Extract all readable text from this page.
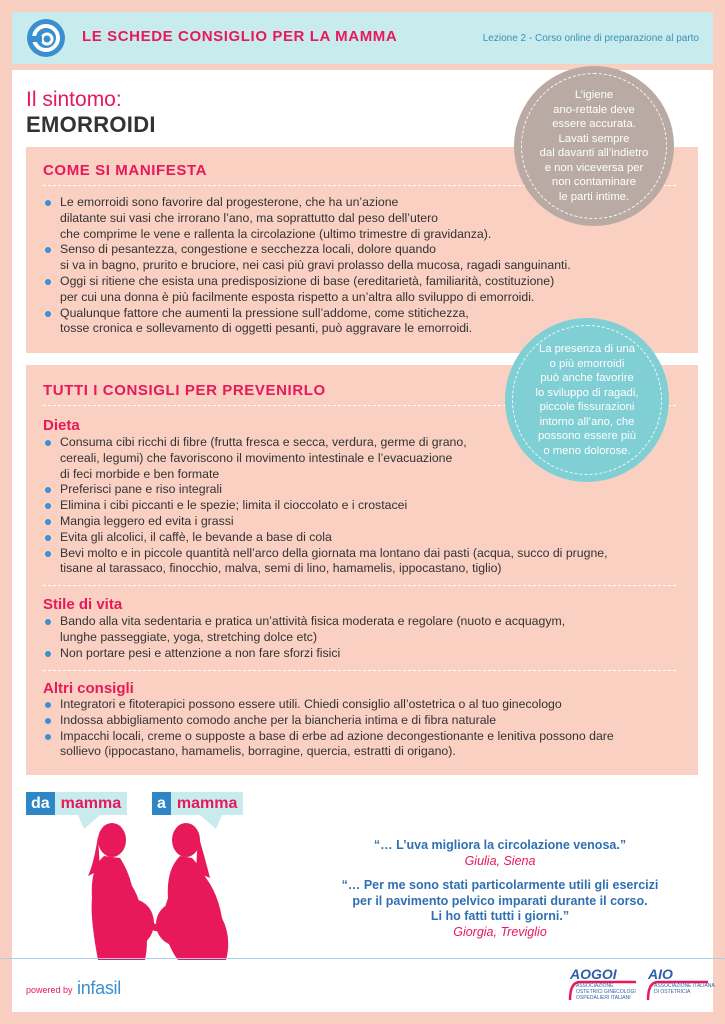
LE SCHEDE CONSIGLIO PER LA MAMMA	Lezione 2 - Corso online di preparazione al parto
Il sintomo:
EMORROIDI
COME SI MANIFESTA
Le emorroidi sono favorire dal progesterone, che ha un’azione
dilatante sui vasi che irrorano l’ano, ma soprattutto dal peso dell’utero
che comprime le vene e rallenta la circolazione (ultimo trimestre di gravidanza).
Senso di pesantezza, congestione e secchezza locali, dolore quando
si va in bagno, prurito e bruciore, nei casi più gravi prolasso della mucosa, ragadi sanguinanti.
Oggi si ritiene che esista una predisposizione di base (ereditarietà, familiarità, costituzione)
per cui una donna è più facilmente esposta rispetto a un’altra allo sviluppo di emorroidi.
Qualunque fattore che aumenti la pressione sull’addome, come stitichezza,
tosse cronica e sollevamento di oggetti pesanti, può aggravare le emorroidi.
TUTTI I CONSIGLI PER PREVENIRLO
Dieta
Consuma cibi ricchi di fibre (frutta fresca e secca, verdura, germe di grano,
cereali, legumi) che favoriscono il movimento intestinale e l’evacuazione
di feci morbide e ben formate
Preferisci pane e riso integrali
Elimina i cibi piccanti e le spezie; limita il cioccolato e i crostacei
Mangia leggero ed evita i grassi
Evita gli alcolici, il caffè, le bevande a base di cola
Bevi molto e in piccole quantità nell’arco della giornata ma lontano dai pasti (acqua, succo di prugne,
tisane al tarassaco, finocchio, malva, semi di lino, hamamelis, ippocastano, tiglio)
Stile di vita
Bando alla vita sedentaria e pratica un’attività fisica moderata e regolare (nuoto e acquagym,
lunghe passeggiate, yoga, stretching dolce etc)
Non portare pesi e attenzione a non fare sforzi fisici
Altri consigli
Integratori e fitoterapici possono essere utili. Chiedi consiglio all’ostetrica o al tuo ginecologo
Indossa abbigliamento comodo anche per la biancheria intima e di fibra naturale
Impacchi locali, creme o supposte a base di erbe ad azione decongestionante e lenitiva possono dare
sollievo (ippocastano, hamamelis, borragine, quercia, estratti di origano).
L’igiene
ano-rettale deve
essere accurata.
Lavati sempre
dal davanti all’indietro
e non viceversa per
non contaminare
le parti intime.
La presenza di una
o più emorroidi
può anche favorire
lo sviluppo di ragadi,
piccole fissurazioni
intorno all’ano, che
possono essere più
o meno dolorose.
da mamma	a mamma
“… L’uva migliora la circolazione venosa.”
Giulia, Siena
“… Per me sono stati particolarmente utili gli esercizi
per il pavimento pelvico imparati durante il corso.
Li ho fatti tutti i giorni.”
Giorgia, Treviglio
powered by infasil
AOGOI
ASSOCIAZIONE OSTETRICI GINECOLOGI OSPEDALIERI ITALIANI
AIO
ASSOCIAZIONE ITALIANA DI OSTETRICIA
